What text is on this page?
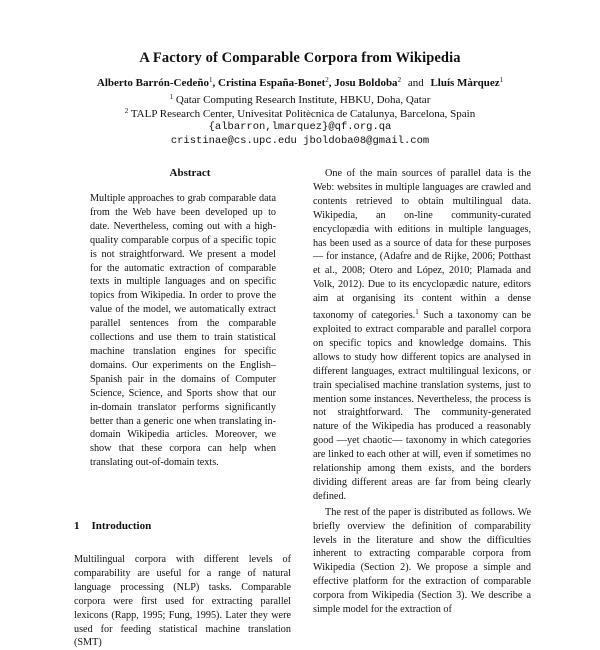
A Factory of Comparable Corpora from Wikipedia
Alberto Barrón-Cedeño$^1$, Cristina España-Bonet$^2$, Josu Boldoba$^2$ and Lluís Màrquez$^1$
$^1$ Qatar Computing Research Institute, HBKU, Doha, Qatar
$^2$ TALP Research Center, Univesitat Politècnica de Catalunya, Barcelona, Spain
{albarron,lmarquez}@qf.org.qa
cristinae@cs.upc.edu jboldoba08@gmail.com
Abstract

Multiple approaches to grab comparable data from the Web have been developed up to date. Nevertheless, coming out with a high-quality comparable corpus of a specific topic is not straightforward. We present a model for the automatic extraction of comparable texts in multiple languages and on specific topics from Wikipedia. In order to prove the value of the model, we automatically extract parallel sentences from the comparable collections and use them to train statistical machine translation engines for specific domains. Our experiments on the English–Spanish pair in the domains of Computer Science, Science, and Sports show that our in-domain translator performs significantly better than a generic one when translating in-domain Wikipedia articles. Moreover, we show that these corpora can help when translating out-of-domain texts.

1 Introduction

Multilingual corpora with different levels of comparability are useful for a range of natural language processing (NLP) tasks. Comparable corpora were first used for extracting parallel lexicons (Rapp, 1995; Fung, 1995). Later they were used for feeding statistical machine translation (SMT)

One of the main sources of parallel data is the Web: websites in multiple languages are crawled and contents retrieved to obtain multilingual data. Wikipedia, an on-line community-curated encyclopædia with editions in multiple languages, has been used as a source of data for these purposes — for instance, (Adafre and de Rijke, 2006; Potthast et al., 2008; Otero and López, 2010; Plamada and Volk, 2012). Due to its encyclopædic nature, editors aim at organising its content within a dense taxonomy of categories.$^1$ Such a taxonomy can be exploited to extract comparable and parallel corpora on specific topics and knowledge domains. This allows to study how different topics are analysed in different languages, extract multilingual lexicons, or train specialised machine translation systems, just to mention some instances. Nevertheless, the process is not straightforward. The community-generated nature of the Wikipedia has produced a reasonably good —yet chaotic— taxonomy in which categories are linked to each other at will, even if sometimes no relationship among them exists, and the borders dividing different areas are far from being clearly defined.

The rest of the paper is distributed as follows. We briefly overview the definition of comparability levels in the literature and show the difficulties inherent to extracting comparable corpora from Wikipedia (Section 2). We propose a simple and effective platform for the extraction of comparable corpora from Wikipedia (Section 3). We describe a simple model for the extraction of
